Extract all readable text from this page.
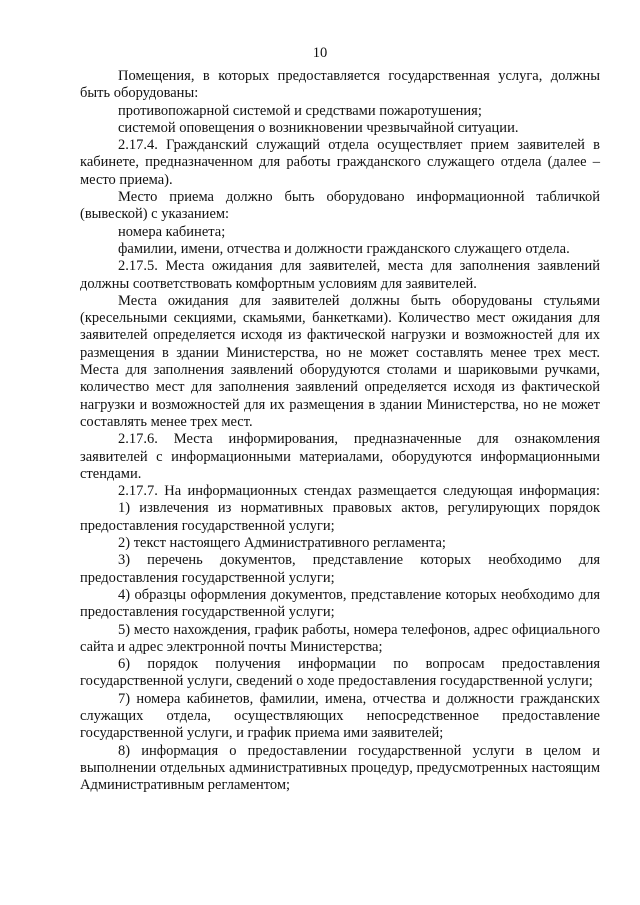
10

Помещения, в которых предоставляется государственная услуга, должны быть оборудованы:

противопожарной системой и средствами пожаротушения;

системой оповещения о возникновении чрезвычайной ситуации.

2.17.4. Гражданский служащий отдела осуществляет прием заявителей в кабинете, предназначенном для работы гражданского служащего отдела (далее – место приема).

Место приема должно быть оборудовано информационной табличкой (вывеской) с указанием:

номера кабинета;

фамилии, имени, отчества и должности гражданского служащего отдела.

2.17.5. Места ожидания для заявителей, места для заполнения заявлений должны соответствовать комфортным условиям для заявителей.

Места ожидания для заявителей должны быть оборудованы стульями (кресельными секциями, скамьями, банкетками). Количество мест ожидания для заявителей определяется исходя из фактической нагрузки и возможностей для их размещения в здании Министерства, но не может составлять менее трех мест. Места для заполнения заявлений оборудуются столами и шариковыми ручками, количество мест для заполнения заявлений определяется исходя из фактической нагрузки и возможностей для их размещения в здании Министерства, но не может составлять менее трех мест.

2.17.6. Места информирования, предназначенные для ознакомления заявителей с информационными материалами, оборудуются информационными стендами.

2.17.7. На информационных стендах размещается следующая информация:

1) извлечения из нормативных правовых актов, регулирующих порядок предоставления государственной услуги;

2) текст настоящего Административного регламента;

3) перечень документов, представление которых необходимо для предоставления государственной услуги;

4) образцы оформления документов, представление которых необходимо для предоставления государственной услуги;

5) место нахождения, график работы, номера телефонов, адрес официального сайта и адрес электронной почты Министерства;

6) порядок получения информации по вопросам предоставления государственной услуги, сведений о ходе предоставления государственной услуги;

7) номера кабинетов, фамилии, имена, отчества и должности гражданских служащих отдела, осуществляющих непосредственное предоставление государственной услуги, и график приема ими заявителей;

8) информация о предоставлении государственной услуги в целом и выполнении отдельных административных процедур, предусмотренных настоящим Административным регламентом;
